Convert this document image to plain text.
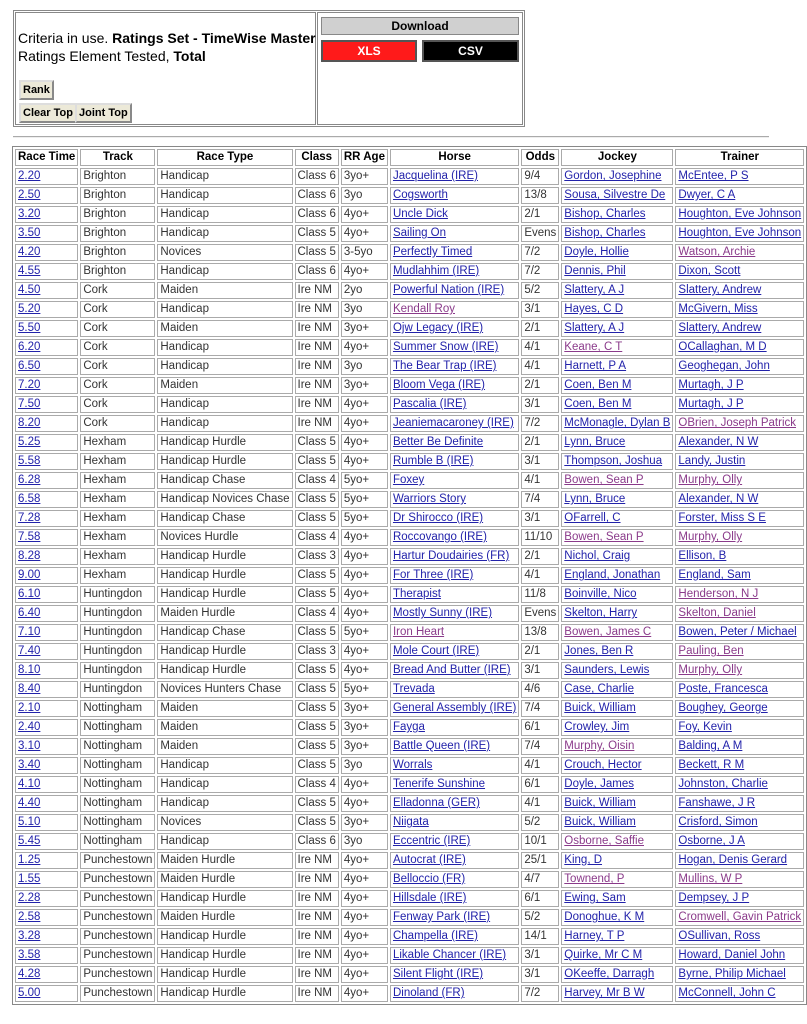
Criteria in use. Ratings Set - TimeWise Master
Ratings Element Tested, Total
Rank
Clear Top Joint Top
Download
XLS	CSV
Race Time	Track	Race Type	Class	RR Age	Horse	Odds	Jockey	Trainer
2.20	Brighton	Handicap	Class 6	3yo+	Jacquelina (IRE)	9/4	Gordon, Josephine	McEntee, P S
2.50	Brighton	Handicap	Class 6	3yo	Cogsworth	13/8	Sousa, Silvestre De	Dwyer, C A
3.20	Brighton	Handicap	Class 6	4yo+	Uncle Dick	2/1	Bishop, Charles	Houghton, Eve Johnson
3.50	Brighton	Handicap	Class 5	4yo+	Sailing On	Evens	Bishop, Charles	Houghton, Eve Johnson
4.20	Brighton	Novices	Class 5	3-5yo	Perfectly Timed	7/2	Doyle, Hollie	Watson, Archie
4.55	Brighton	Handicap	Class 6	4yo+	Mudlahhim (IRE)	7/2	Dennis, Phil	Dixon, Scott
4.50	Cork	Maiden	Ire NM	2yo	Powerful Nation (IRE)	5/2	Slattery, A J	Slattery, Andrew
5.20	Cork	Handicap	Ire NM	3yo	Kendall Roy	3/1	Hayes, C D	McGivern, Miss
5.50	Cork	Maiden	Ire NM	3yo+	Ojw Legacy (IRE)	2/1	Slattery, A J	Slattery, Andrew
6.20	Cork	Handicap	Ire NM	4yo+	Summer Snow (IRE)	4/1	Keane, C T	OCallaghan, M D
6.50	Cork	Handicap	Ire NM	3yo	The Bear Trap (IRE)	4/1	Harnett, P A	Geoghegan, John
7.20	Cork	Maiden	Ire NM	3yo+	Bloom Vega (IRE)	2/1	Coen, Ben M	Murtagh, J P
7.50	Cork	Handicap	Ire NM	4yo+	Pascalia (IRE)	3/1	Coen, Ben M	Murtagh, J P
8.20	Cork	Handicap	Ire NM	4yo+	Jeaniemacaroney (IRE)	7/2	McMonagle, Dylan B	OBrien, Joseph Patrick
5.25	Hexham	Handicap Hurdle	Class 5	4yo+	Better Be Definite	2/1	Lynn, Bruce	Alexander, N W
5.58	Hexham	Handicap Hurdle	Class 5	4yo+	Rumble B (IRE)	3/1	Thompson, Joshua	Landy, Justin
6.28	Hexham	Handicap Chase	Class 4	5yo+	Foxey	4/1	Bowen, Sean P	Murphy, Olly
6.58	Hexham	Handicap Novices Chase	Class 5	5yo+	Warriors Story	7/4	Lynn, Bruce	Alexander, N W
7.28	Hexham	Handicap Chase	Class 5	5yo+	Dr Shirocco (IRE)	3/1	OFarrell, C	Forster, Miss S E
7.58	Hexham	Novices Hurdle	Class 4	4yo+	Roccovango (IRE)	11/10	Bowen, Sean P	Murphy, Olly
8.28	Hexham	Handicap Hurdle	Class 3	4yo+	Hartur Doudairies (FR)	2/1	Nichol, Craig	Ellison, B
9.00	Hexham	Handicap Hurdle	Class 5	4yo+	For Three (IRE)	4/1	England, Jonathan	England, Sam
6.10	Huntingdon	Handicap Hurdle	Class 5	4yo+	Therapist	11/8	Boinville, Nico	Henderson, N J
6.40	Huntingdon	Maiden Hurdle	Class 4	4yo+	Mostly Sunny (IRE)	Evens	Skelton, Harry	Skelton, Daniel
7.10	Huntingdon	Handicap Chase	Class 5	5yo+	Iron Heart	13/8	Bowen, James C	Bowen, Peter / Michael
7.40	Huntingdon	Handicap Hurdle	Class 3	4yo+	Mole Court (IRE)	2/1	Jones, Ben R	Pauling, Ben
8.10	Huntingdon	Handicap Hurdle	Class 5	4yo+	Bread And Butter (IRE)	3/1	Saunders, Lewis	Murphy, Olly
8.40	Huntingdon	Novices Hunters Chase	Class 5	5yo+	Trevada	4/6	Case, Charlie	Poste, Francesca
2.10	Nottingham	Maiden	Class 5	3yo+	General Assembly (IRE)	7/4	Buick, William	Boughey, George
2.40	Nottingham	Maiden	Class 5	3yo+	Fayga	6/1	Crowley, Jim	Foy, Kevin
3.10	Nottingham	Maiden	Class 5	3yo+	Battle Queen (IRE)	7/4	Murphy, Oisin	Balding, A M
3.40	Nottingham	Handicap	Class 5	3yo	Worrals	4/1	Crouch, Hector	Beckett, R M
4.10	Nottingham	Handicap	Class 4	4yo+	Tenerife Sunshine	6/1	Doyle, James	Johnston, Charlie
4.40	Nottingham	Handicap	Class 5	4yo+	Elladonna (GER)	4/1	Buick, William	Fanshawe, J R
5.10	Nottingham	Novices	Class 5	3yo+	Niigata	5/2	Buick, William	Crisford, Simon
5.45	Nottingham	Handicap	Class 6	3yo	Eccentric (IRE)	10/1	Osborne, Saffie	Osborne, J A
1.25	Punchestown	Maiden Hurdle	Ire NM	4yo+	Autocrat (IRE)	25/1	King, D	Hogan, Denis Gerard
1.55	Punchestown	Maiden Hurdle	Ire NM	4yo+	Belloccio (FR)	4/7	Townend, P	Mullins, W P
2.28	Punchestown	Handicap Hurdle	Ire NM	4yo+	Hillsdale (IRE)	6/1	Ewing, Sam	Dempsey, J P
2.58	Punchestown	Maiden Hurdle	Ire NM	4yo+	Fenway Park (IRE)	5/2	Donoghue, K M	Cromwell, Gavin Patrick
3.28	Punchestown	Handicap Hurdle	Ire NM	4yo+	Champella (IRE)	14/1	Harney, T P	OSullivan, Ross
3.58	Punchestown	Handicap Hurdle	Ire NM	4yo+	Likable Chancer (IRE)	3/1	Quirke, Mr C M	Howard, Daniel John
4.28	Punchestown	Handicap Hurdle	Ire NM	4yo+	Silent Flight (IRE)	3/1	OKeeffe, Darragh	Byrne, Philip Michael
5.00	Punchestown	Handicap Hurdle	Ire NM	4yo+	Dinoland (FR)	7/2	Harvey, Mr B W	McConnell, John C
